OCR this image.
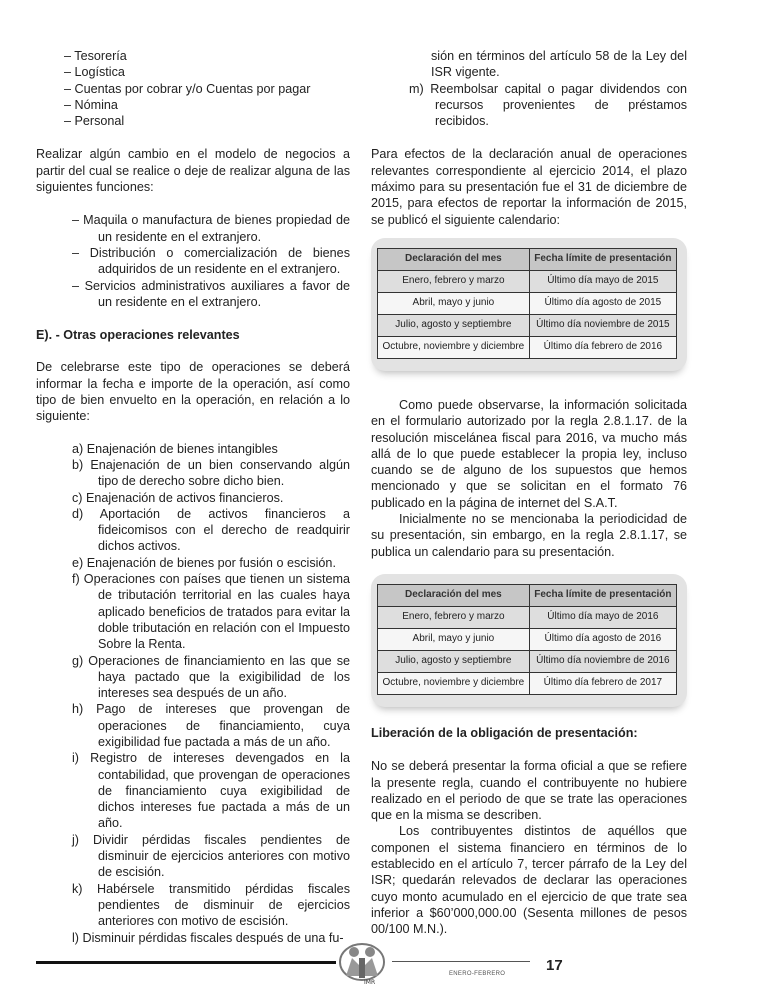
– Tesorería
– Logística
– Cuentas por cobrar y/o Cuentas por pagar
– Nómina
– Personal

Realizar algún cambio en el modelo de negocios a partir del cual se realice o deje de realizar alguna de las siguientes funciones:

– Maquila o manufactura de bienes propiedad de un residente en el extranjero.
– Distribución o comercialización de bienes adquiridos de un residente en el extranjero.
– Servicios administrativos auxiliares a favor de un residente en el extranjero.

E). - Otras operaciones relevantes

De celebrarse este tipo de operaciones se deberá informar la fecha e importe de la operación, así como tipo de bien envuelto en la operación, en relación a lo siguiente:

a) Enajenación de bienes intangibles
b) Enajenación de un bien conservando algún tipo de derecho sobre dicho bien.
c) Enajenación de activos financieros.
d) Aportación de activos financieros a fideicomisos con el derecho de readquirir dichos activos.
e) Enajenación de bienes por fusión o escisión.
f) Operaciones con países que tienen un sistema de tributación territorial en las cuales haya aplicado beneficios de tratados para evitar la doble tributación en relación con el Impuesto Sobre la Renta.
g) Operaciones de financiamiento en las que se haya pactado que la exigibilidad de los intereses sea después de un año.
h) Pago de intereses que provengan de operaciones de financiamiento, cuya exigibilidad fue pactada a más de un año.
i) Registro de intereses devengados en la contabilidad, que provengan de operaciones de financiamiento cuya exigibilidad de dichos intereses fue pactada a más de un año.
j) Dividir pérdidas fiscales pendientes de disminuir de ejercicios anteriores con motivo de escisión.
k) Habérsele transmitido pérdidas fiscales pendientes de disminuir de ejercicios anteriores con motivo de escisión.
l) Disminuir pérdidas fiscales después de una fu-
sión en términos del artículo 58 de la Ley del ISR vigente.
m) Reembolsar capital o pagar dividendos con recursos provenientes de préstamos recibidos.

Para efectos de la declaración anual de operaciones relevantes correspondiente al ejercicio 2014, el plazo máximo para su presentación fue el 31 de diciembre de 2015, para efectos de reportar la información de 2015, se publicó el siguiente calendario:

Declaración del mes	Fecha límite de presentación
Enero, febrero y marzo	Último día mayo de 2015
Abril, mayo y junio	Último día agosto de 2015
Julio, agosto y septiembre	Último día noviembre de 2015
Octubre, noviembre y diciembre	Último día febrero de 2016

Como puede observarse, la información solicitada en el formulario autorizado por la regla 2.8.1.17. de la resolución miscelánea fiscal para 2016, va mucho más allá de lo que puede establecer la propia ley, incluso cuando se de alguno de los supuestos que hemos mencionado y que se solicitan en el formato 76 publicado en la página de internet del S.A.T.

Inicialmente no se mencionaba la periodicidad de su presentación, sin embargo, en la regla 2.8.1.17, se publica un calendario para su presentación.

Declaración del mes	Fecha límite de presentación
Enero, febrero y marzo	Último día mayo de 2016
Abril, mayo y junio	Último día agosto de 2016
Julio, agosto y septiembre	Último día noviembre de 2016
Octubre, noviembre y diciembre	Último día febrero de 2017

Liberación de la obligación de presentación:

No se deberá presentar la forma oficial a que se refiere la presente regla, cuando el contribuyente no hubiere realizado en el periodo de que se trate las operaciones que en la misma se describen.

Los contribuyentes distintos de aquéllos que componen el sistema financiero en términos de lo establecido en el artículo 7, tercer párrafo de la Ley del ISR; quedarán relevados de declarar las operaciones cuyo monto acumulado en el ejercicio de que trate sea inferior a $60’000,000.00 (Sesenta millones de pesos 00/100 M.N.).

IMR
ENERO-FEBRERO	17
